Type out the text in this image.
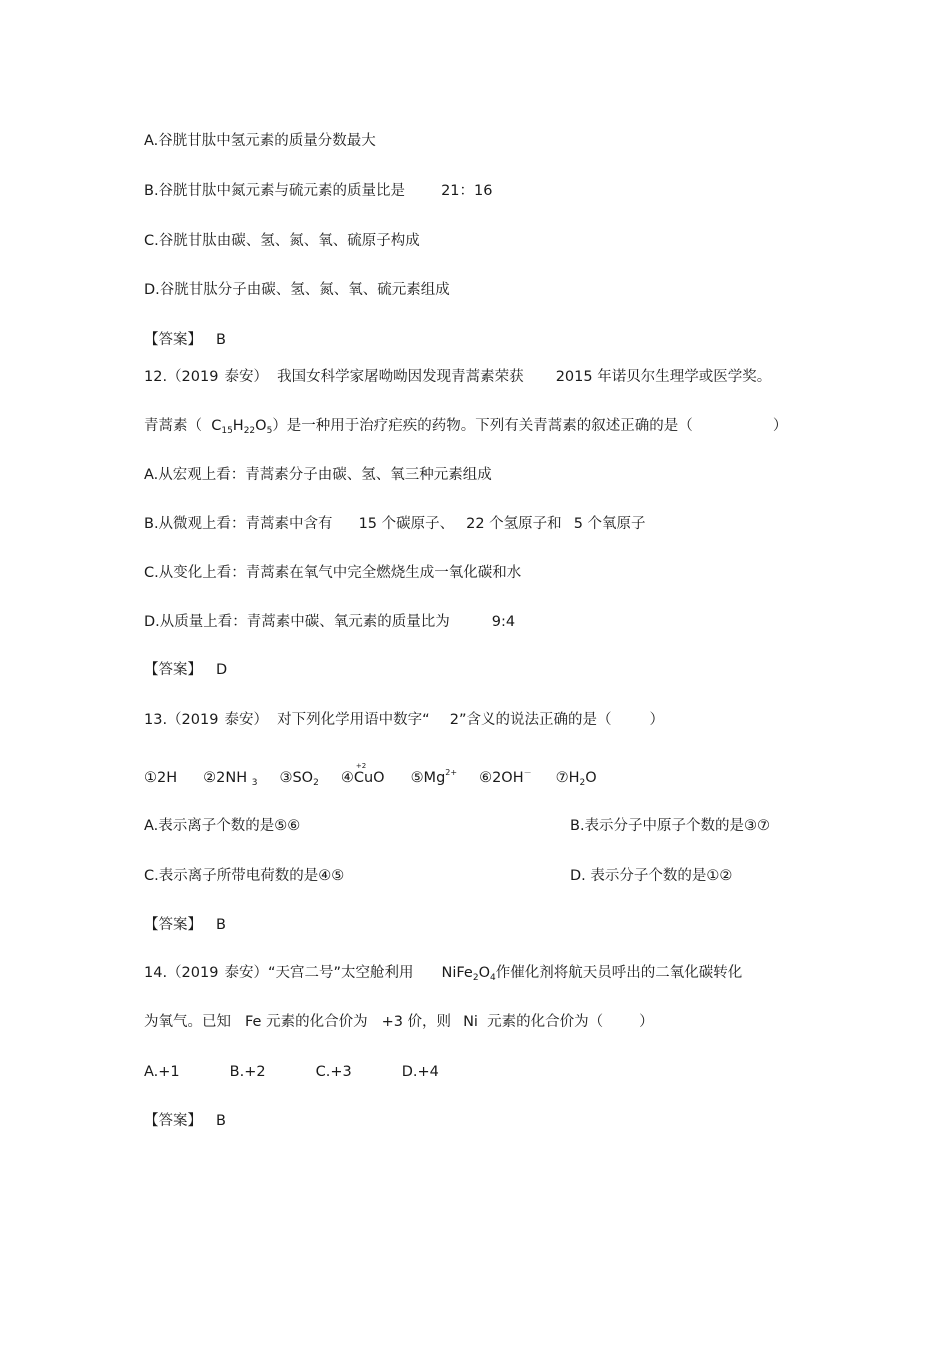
A.谷胱甘肽中氢元素的质量分数最大
B.谷胱甘肽中氮元素与硫元素的质量比是 21：16
C.谷胱甘肽由碳、氢、氮、氧、硫原子构成
D.谷胱甘肽分子由碳、氢、氮、氧、硫元素组成
【答案】 B
12.（2019 泰安）  我国女科学家屠呦呦因发现青蒿素荣获 2015 年诺贝尔生理学或医学奖。
青蒿素（  $C_{15}H_{22}O_5$）是一种用于治疗疟疾的药物。下列有关青蒿素的叙述正确的是（	）
A.从宏观上看：青蒿素分子由碳、氢、氧三种元素组成
B.从微观上看：青蒿素中含有 15 个碳原子、 22 个氢原子和 5 个氧原子
C.从变化上看：青蒿素在氧气中完全燃烧生成一氧化碳和水
D.从质量上看：青蒿素中碳、氧元素的质量比为	9:4
【答案】 D
13.（2019 泰安）  对下列化学用语中数字“ 2”含义的说法正确的是（	）
①2H ②2NH $_3$ $③SO_2$ ④
+2
CuO $⑤Mg^{2+}$ ⑥2OH－ $⑦H_2O$
A.表示离子个数的是⑤⑥	B.表示分子中原子个数的是③⑦
C.表示离子所带电荷数的是④⑤	D. 表示分子个数的是①②
【答案】 B
14.（2019 泰安）“天宫二号”太空舱利用 $NiFe_2O_4$作催化剂将航天员呼出的二氧化碳转化
为氧气。已知 Fe 元素的化合价为 +3 价，则 Ni  元素的化合价为（ ）
A.+1	B.+2	C.+3	D.+4
【答案】 B
